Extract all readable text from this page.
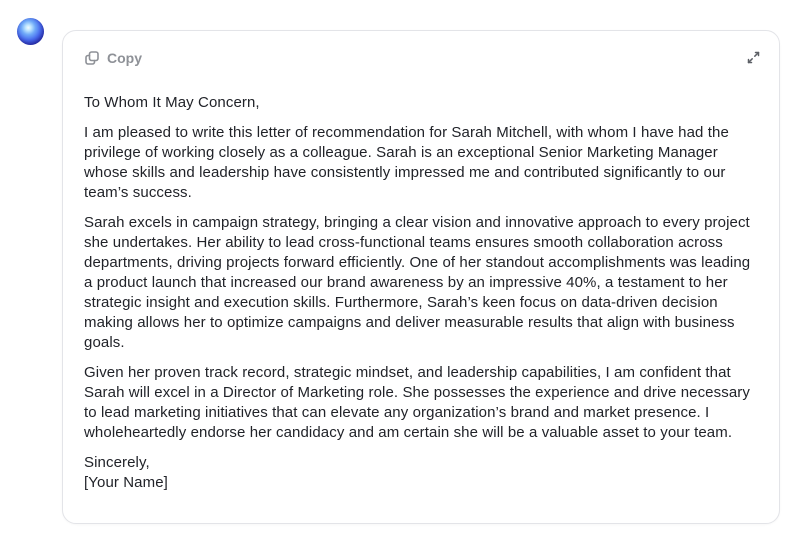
Copy

To Whom It May Concern,

I am pleased to write this letter of recommendation for Sarah Mitchell, with whom I have had the privilege of working closely as a colleague. Sarah is an exceptional Senior Marketing Manager whose skills and leadership have consistently impressed me and contributed significantly to our team’s success.

Sarah excels in campaign strategy, bringing a clear vision and innovative approach to every project she undertakes. Her ability to lead cross-functional teams ensures smooth collaboration across departments, driving projects forward efficiently. One of her standout accomplishments was leading a product launch that increased our brand awareness by an impressive 40%, a testament to her strategic insight and execution skills. Furthermore, Sarah’s keen focus on data-driven decision making allows her to optimize campaigns and deliver measurable results that align with business goals.

Given her proven track record, strategic mindset, and leadership capabilities, I am confident that Sarah will excel in a Director of Marketing role. She possesses the experience and drive necessary to lead marketing initiatives that can elevate any organization’s brand and market presence. I wholeheartedly endorse her candidacy and am certain she will be a valuable asset to your team.

Sincerely,
[Your Name]
